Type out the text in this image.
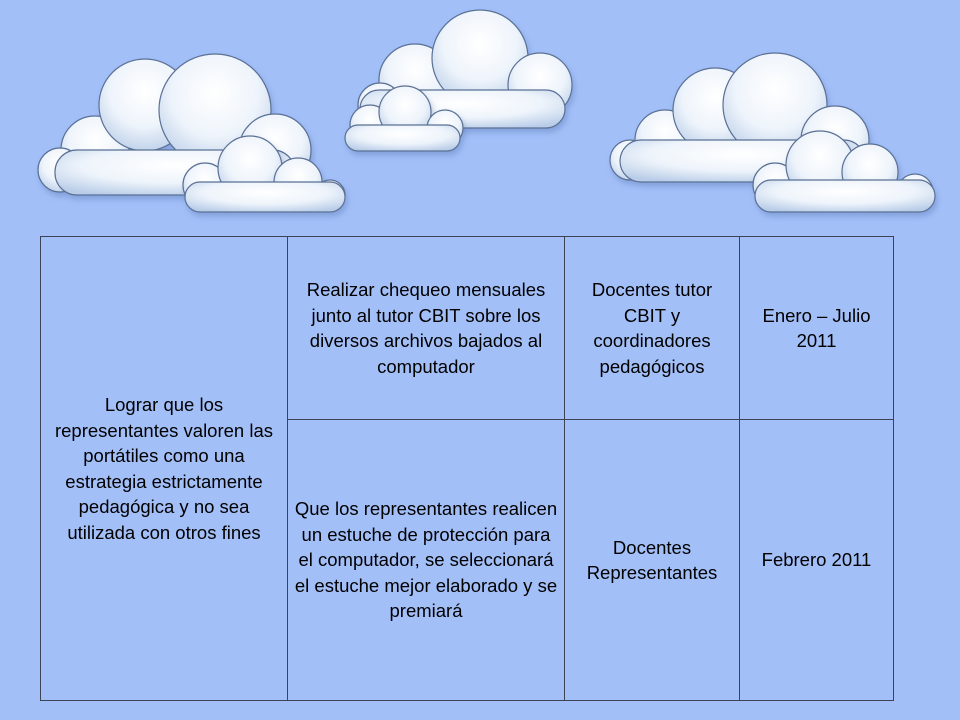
Lograr que los representantes valoren las portátiles como una estrategia estrictamente pedagógica y no sea utilizada con otros fines	Realizar chequeo mensuales junto al tutor CBIT sobre los diversos archivos bajados al computador	Docentes tutor CBIT y coordinadores pedagógicos	Enero – Julio 2011

	Que los representantes realicen un estuche de protección para el computador, se seleccionará el estuche mejor elaborado y se premiará	Docentes Representantes	Febrero 2011
